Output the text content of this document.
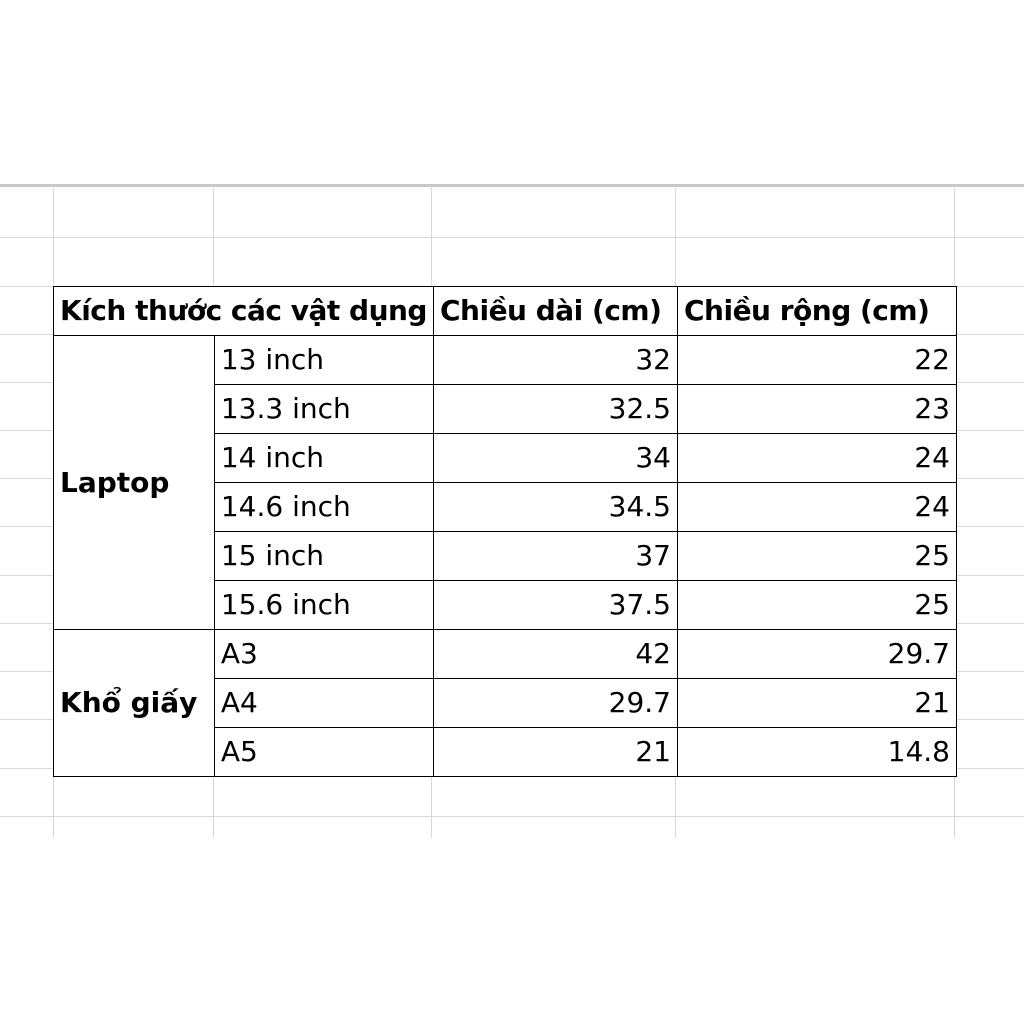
Kích thước các vật dụng		Chiều dài (cm)	Chiều rộng (cm)
Laptop	13 inch	32	22
	13.3 inch	32.5	23
	14 inch	34	24
	14.6 inch	34.5	24
	15 inch	37	25
	15.6 inch	37.5	25
Khổ giấy	A3	42	29.7
	A4	29.7	21
	A5	21	14.8
